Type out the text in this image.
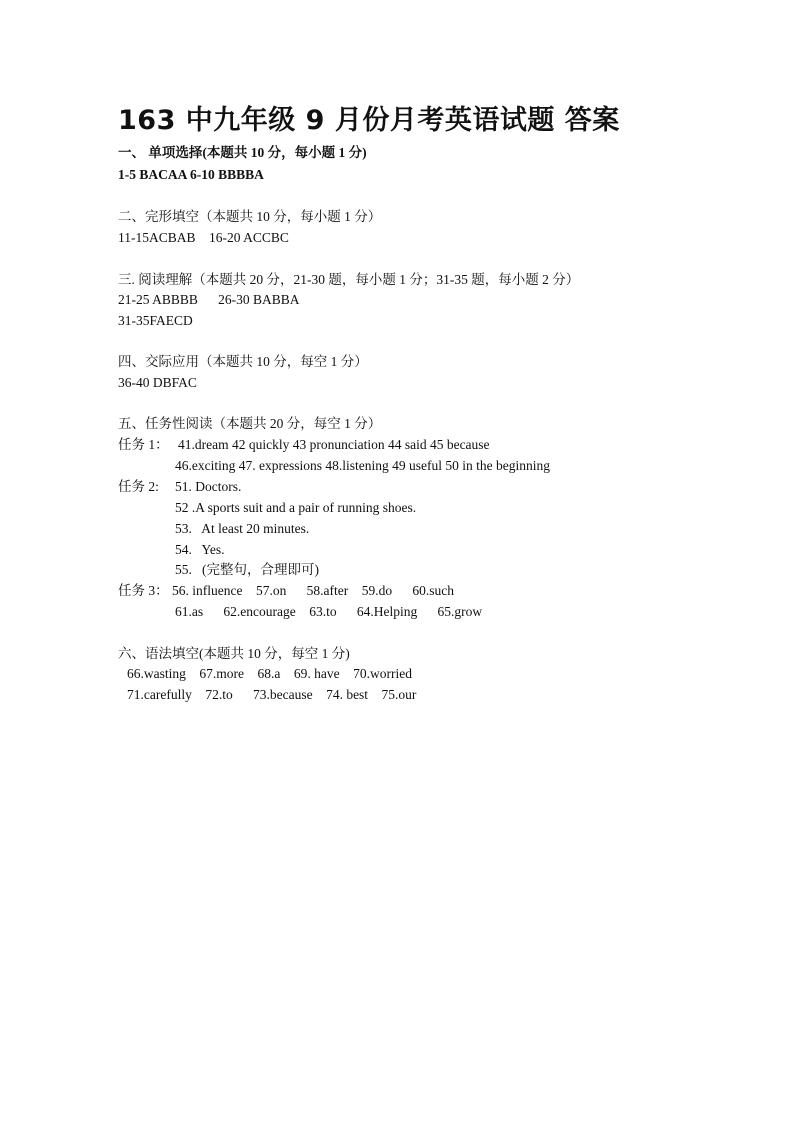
163 中九年级 9 月份月考英语试题 答案
一、 单项选择(本题共 10 分，每小题 1 分)
1-5 BACAA 6-10 BBBBA
二、完形填空（本题共 10 分，每小题 1 分）
11-15ACBAB    16-20 ACCBC
三. 阅读理解（本题共 20 分，21-30 题，每小题 1 分；31-35 题，每小题 2 分）
21-25 ABBBB      26-30 BABBA
31-35FAECD
四、交际应用（本题共 10 分，每空 1 分）
36-40 DBFAC
五、任务性阅读（本题共 20 分，每空 1 分）
任务 1： 41.dream 42 quickly 43 pronunciation 44 said 45 because
46.exciting 47. expressions 48.listening 49 useful 50 in the beginning
任务 2: 51. Doctors.
52 .A sports suit and a pair of running shoes.
53.   At least 20 minutes.
54.   Yes.
55.   (完整句，合理即可)
任务 3： 56. influence    57.on      58.after    59.do      60.such
61.as      62.encourage    63.to      64.Helping      65.grow
六、语法填空(本题共 10 分，每空 1 分)
66.wasting    67.more    68.a    69. have    70.worried
71.carefully    72.to      73.because    74. best    75.our
